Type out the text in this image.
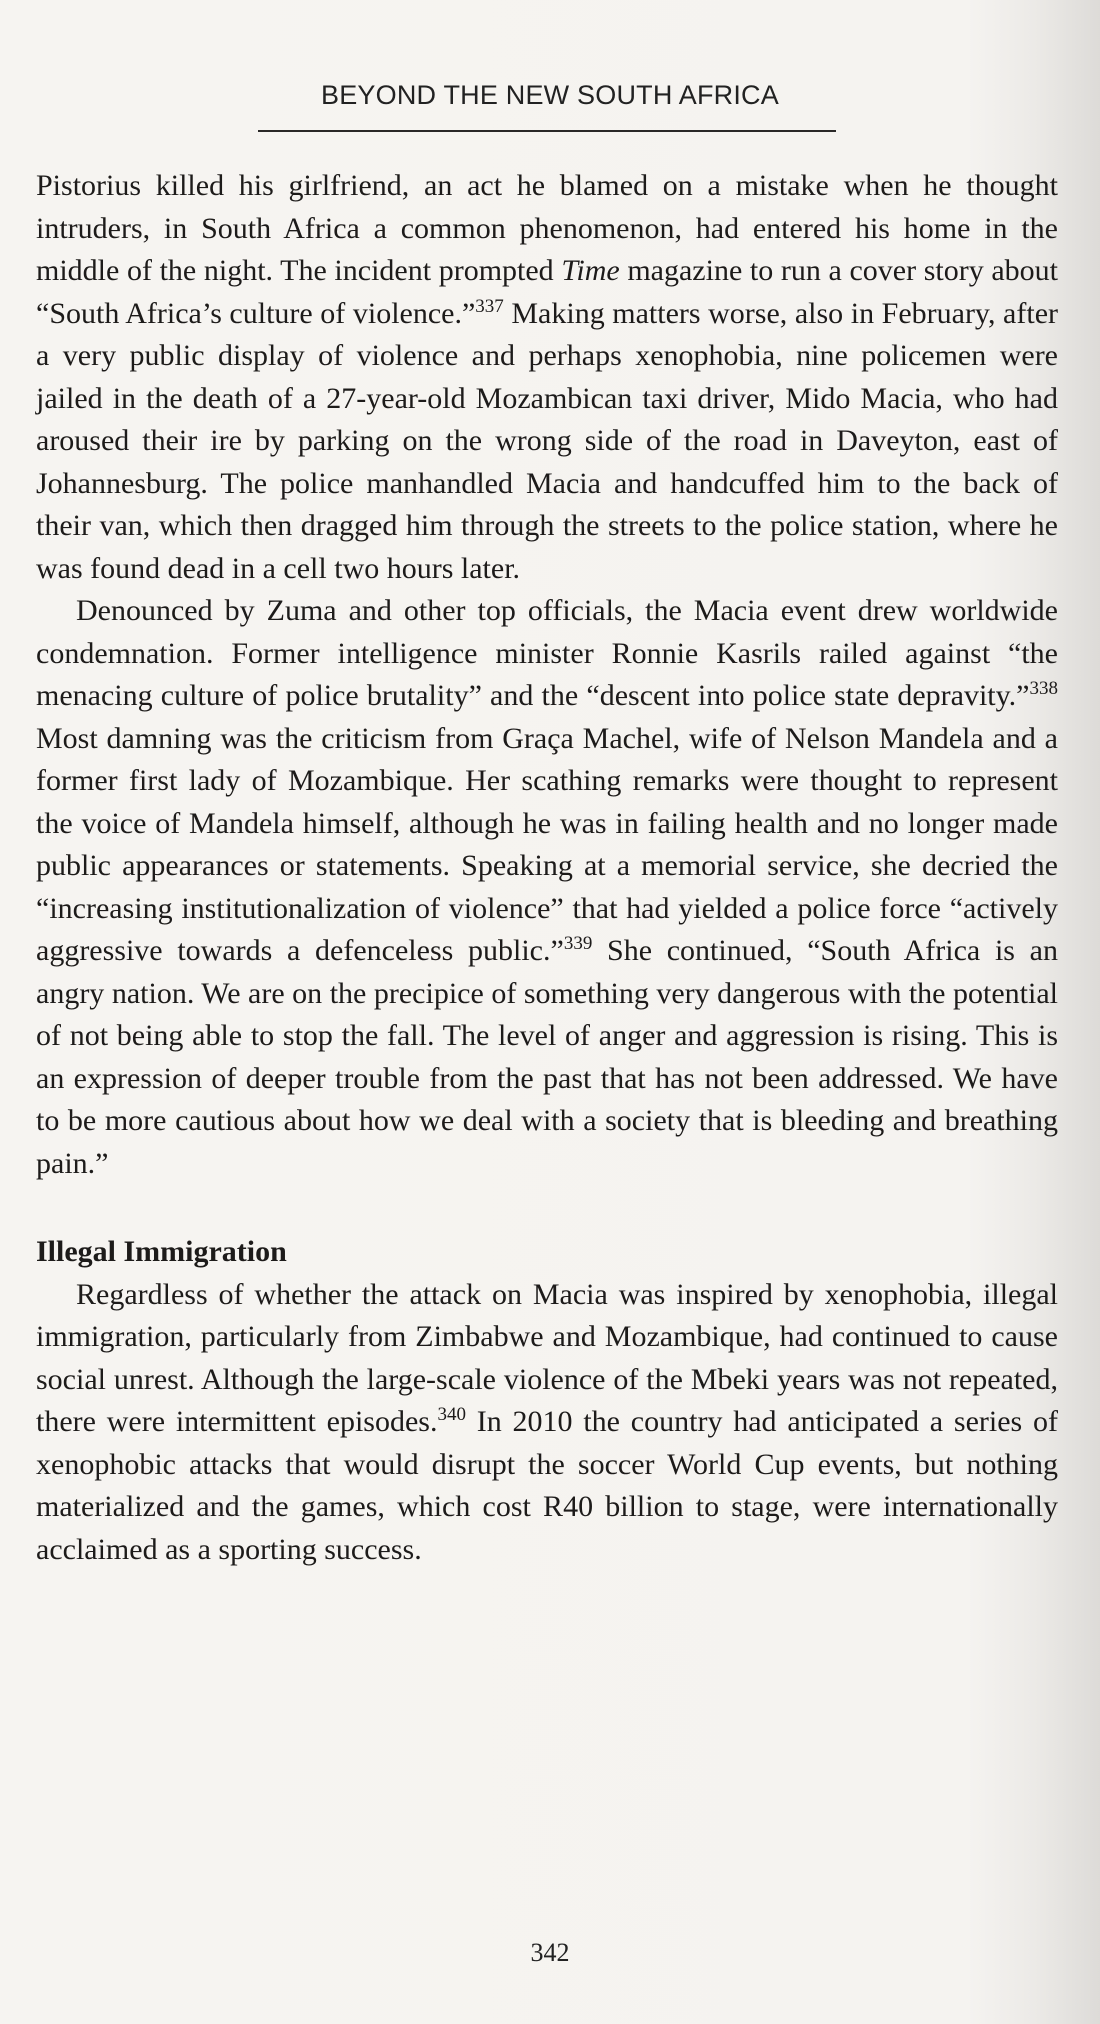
BEYOND THE NEW SOUTH AFRICA

Pistorius killed his girlfriend, an act he blamed on a mistake when he thought intruders, in South Africa a common phenomenon, had entered his home in the middle of the night. The incident prompted Time magazine to run a cover story about “South Africa’s culture of violence.”$^{337}$ Making matters worse, also in February, after a very public display of violence and perhaps xenophobia, nine policemen were jailed in the death of a 27-year-old Mozambican taxi driver, Mido Macia, who had aroused their ire by parking on the wrong side of the road in Daveyton, east of Johannesburg. The police manhandled Macia and handcuffed him to the back of their van, which then dragged him through the streets to the police station, where he was found dead in a cell two hours later.

Denounced by Zuma and other top officials, the Macia event drew worldwide condemnation. Former intelligence minister Ronnie Kasrils railed against “the menacing culture of police brutality” and the “descent into police state depravity.”$^{338}$ Most damning was the criticism from Graça Machel, wife of Nelson Mandela and a former first lady of Mozambique. Her scathing remarks were thought to represent the voice of Mandela himself, although he was in failing health and no longer made public appearances or statements. Speaking at a memorial service, she decried the “increasing institutionalization of violence” that had yielded a police force “actively aggressive towards a defenceless public.”$^{339}$ She continued, “South Africa is an angry nation. We are on the precipice of something very dangerous with the potential of not being able to stop the fall. The level of anger and aggression is rising. This is an expression of deeper trouble from the past that has not been addressed. We have to be more cautious about how we deal with a society that is bleeding and breathing pain.”

Illegal Immigration

Regardless of whether the attack on Macia was inspired by xenophobia, illegal immigration, particularly from Zimbabwe and Mozambique, had continued to cause social unrest. Although the large-scale violence of the Mbeki years was not repeated, there were intermittent episodes.$^{340}$ In 2010 the country had anticipated a series of xenophobic attacks that would disrupt the soccer World Cup events, but nothing materialized and the games, which cost R40 billion to stage, were internationally acclaimed as a sporting success.

342
